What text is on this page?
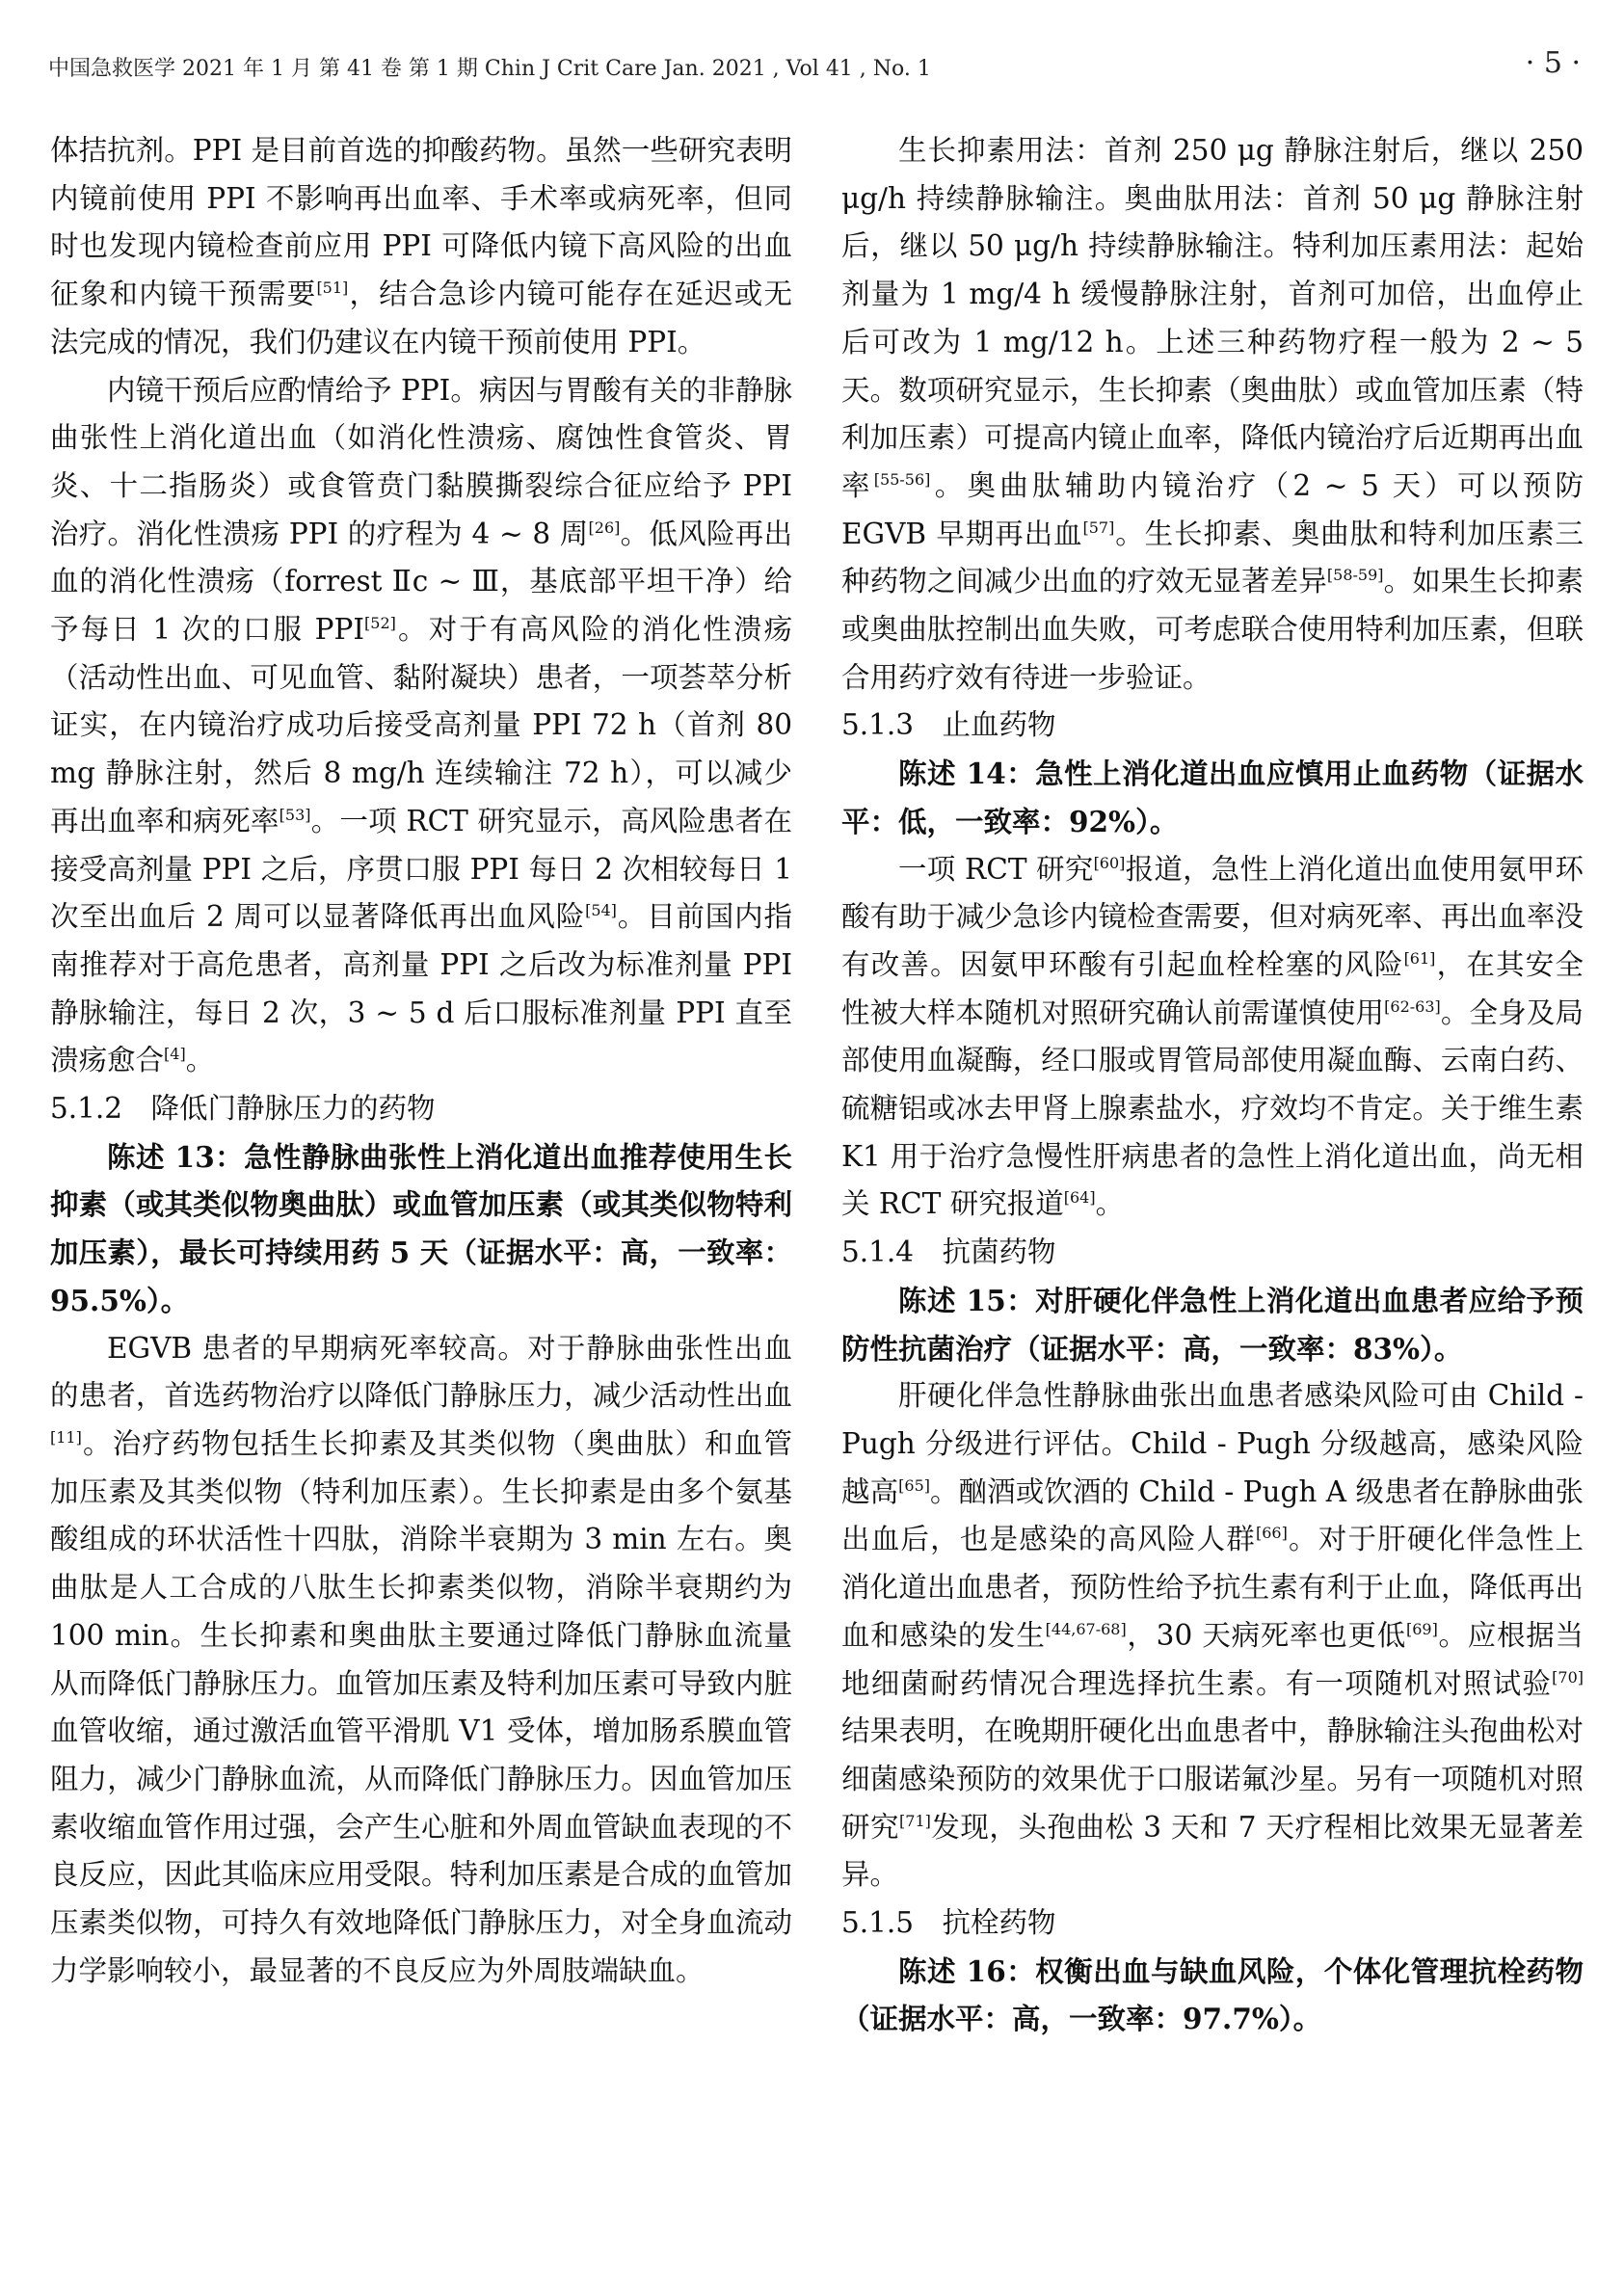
中国急救医学 2021 年 1 月 第 41 卷 第 1 期 Chin J Crit Care Jan. 2021 , Vol 41 , No. 1	· 5 ·

体拮抗剂。PPI 是目前首选的抑酸药物。虽然一些研究表明内镜前使用 PPI 不影响再出血率、手术率或病死率，但同时也发现内镜检查前应用 PPI 可降低内镜下高风险的出血征象和内镜干预需要[51]，结合急诊内镜可能存在延迟或无法完成的情况，我们仍建议在内镜干预前使用 PPI。

内镜干预后应酌情给予 PPI。病因与胃酸有关的非静脉曲张性上消化道出血（如消化性溃疡、腐蚀性食管炎、胃炎、十二指肠炎）或食管贲门黏膜撕裂综合征应给予 PPI 治疗。消化性溃疡 PPI 的疗程为 4 ~ 8 周[26]。低风险再出血的消化性溃疡（forrest Ⅱc ~ Ⅲ，基底部平坦干净）给予每日 1 次的口服 PPI[52]。对于有高风险的消化性溃疡（活动性出血、可见血管、黏附凝块）患者，一项荟萃分析证实，在内镜治疗成功后接受高剂量 PPI 72 h（首剂 80 mg 静脉注射，然后 8 mg/h 连续输注 72 h），可以减少再出血率和病死率[53]。一项 RCT 研究显示，高风险患者在接受高剂量 PPI 之后，序贯口服 PPI 每日 2 次相较每日 1 次至出血后 2 周可以显著降低再出血风险[54]。目前国内指南推荐对于高危患者，高剂量 PPI 之后改为标准剂量 PPI 静脉输注，每日 2 次，3 ~ 5 d 后口服标准剂量 PPI 直至溃疡愈合[4]。

5.1.2　降低门静脉压力的药物

陈述 13：急性静脉曲张性上消化道出血推荐使用生长抑素（或其类似物奥曲肽）或血管加压素（或其类似物特利加压素），最长可持续用药 5 天（证据水平：高，一致率：95.5%）。

EGVB 患者的早期病死率较高。对于静脉曲张性出血的患者，首选药物治疗以降低门静脉压力，减少活动性出血[11]。治疗药物包括生长抑素及其类似物（奥曲肽）和血管加压素及其类似物（特利加压素）。生长抑素是由多个氨基酸组成的环状活性十四肽，消除半衰期为 3 min 左右。奥曲肽是人工合成的八肽生长抑素类似物，消除半衰期约为 100 min。生长抑素和奥曲肽主要通过降低门静脉血流量从而降低门静脉压力。血管加压素及特利加压素可导致内脏血管收缩，通过激活血管平滑肌 V1 受体，增加肠系膜血管阻力，减少门静脉血流，从而降低门静脉压力。因血管加压素收缩血管作用过强，会产生心脏和外周血管缺血表现的不良反应，因此其临床应用受限。特利加压素是合成的血管加压素类似物，可持久有效地降低门静脉压力，对全身血流动力学影响较小，最显著的不良反应为外周肢端缺血。

生长抑素用法：首剂 250 μg 静脉注射后，继以 250 μg/h 持续静脉输注。奥曲肽用法：首剂 50 μg 静脉注射后，继以 50 μg/h 持续静脉输注。特利加压素用法：起始剂量为 1 mg/4 h 缓慢静脉注射，首剂可加倍，出血停止后可改为 1 mg/12 h。上述三种药物疗程一般为 2 ~ 5 天。数项研究显示，生长抑素（奥曲肽）或血管加压素（特利加压素）可提高内镜止血率，降低内镜治疗后近期再出血率[55-56]。奥曲肽辅助内镜治疗（2 ~ 5 天）可以预防 EGVB 早期再出血[57]。生长抑素、奥曲肽和特利加压素三种药物之间减少出血的疗效无显著差异[58-59]。如果生长抑素或奥曲肽控制出血失败，可考虑联合使用特利加压素，但联合用药疗效有待进一步验证。

5.1.3　止血药物

陈述 14：急性上消化道出血应慎用止血药物（证据水平：低，一致率：92%）。

一项 RCT 研究[60]报道，急性上消化道出血使用氨甲环酸有助于减少急诊内镜检查需要，但对病死率、再出血率没有改善。因氨甲环酸有引起血栓栓塞的风险[61]，在其安全性被大样本随机对照研究确认前需谨慎使用[62-63]。全身及局部使用血凝酶，经口服或胃管局部使用凝血酶、云南白药、硫糖铝或冰去甲肾上腺素盐水，疗效均不肯定。关于维生素 K1 用于治疗急慢性肝病患者的急性上消化道出血，尚无相关 RCT 研究报道[64]。

5.1.4　抗菌药物

陈述 15：对肝硬化伴急性上消化道出血患者应给予预防性抗菌治疗（证据水平：高，一致率：83%）。

肝硬化伴急性静脉曲张出血患者感染风险可由 Child - Pugh 分级进行评估。Child - Pugh 分级越高，感染风险越高[65]。酗酒或饮酒的 Child - Pugh A 级患者在静脉曲张出血后，也是感染的高风险人群[66]。对于肝硬化伴急性上消化道出血患者，预防性给予抗生素有利于止血，降低再出血和感染的发生[44,67-68]，30 天病死率也更低[69]。应根据当地细菌耐药情况合理选择抗生素。有一项随机对照试验[70]结果表明，在晚期肝硬化出血患者中，静脉输注头孢曲松对细菌感染预防的效果优于口服诺氟沙星。另有一项随机对照研究[71]发现，头孢曲松 3 天和 7 天疗程相比效果无显著差异。

5.1.5　抗栓药物

陈述 16：权衡出血与缺血风险，个体化管理抗栓药物（证据水平：高，一致率：97.7%）。
